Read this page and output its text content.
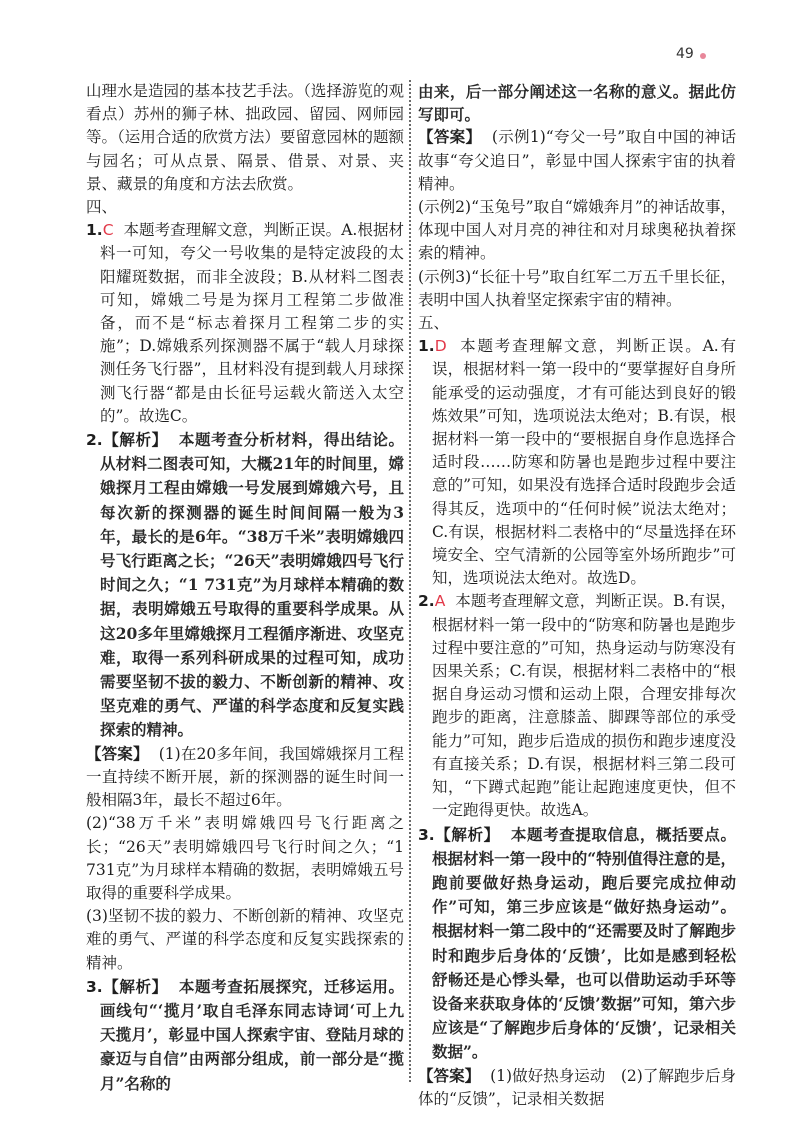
49

山理水是造园的基本技艺手法。（选择游览的观看点）苏州的狮子林、拙政园、留园、网师园等。（运用合适的欣赏方法）要留意园林的题额与园名；可从点景、隔景、借景、对景、夹景、藏景的角度和方法去欣赏。

四、

1.C 本题考查理解文意，判断正误。A.根据材料一可知，夸父一号收集的是特定波段的太阳耀斑数据，而非全波段；B.从材料二图表可知，嫦娥二号是为探月工程第二步做准备，而不是“标志着探月工程第二步的实施”；D.嫦娥系列探测器不属于“载人月球探测任务飞行器”，且材料没有提到载人月球探测飞行器“都是由长征号运载火箭送入太空的”。故选C。

2.【解析】 本题考查分析材料，得出结论。从材料二图表可知，大概21年的时间里，嫦娥探月工程由嫦娥一号发展到嫦娥六号，且每次新的探测器的诞生时间间隔一般为3年，最长的是6年。“38万千米”表明嫦娥四号飞行距离之长；“26天”表明嫦娥四号飞行时间之久；“1 731克”为月球样本精确的数据，表明嫦娥五号取得的重要科学成果。从这20多年里嫦娥探月工程循序渐进、攻坚克难，取得一系列科研成果的过程可知，成功需要坚韧不拔的毅力、不断创新的精神、攻坚克难的勇气、严谨的科学态度和反复实践探索的精神。

【答案】 (1)在20多年间，我国嫦娥探月工程一直持续不断开展，新的探测器的诞生时间一般相隔3年，最长不超过6年。

(2)“38万千米”表明嫦娥四号飞行距离之长；“26天”表明嫦娥四号飞行时间之久；“1 731克”为月球样本精确的数据，表明嫦娥五号取得的重要科学成果。

(3)坚韧不拔的毅力、不断创新的精神、攻坚克难的勇气、严谨的科学态度和反复实践探索的精神。

3.【解析】 本题考查拓展探究，迁移运用。画线句“‘揽月’取自毛泽东同志诗词‘可上九天揽月’，彰显中国人探索宇宙、登陆月球的豪迈与自信”由两部分组成，前一部分是“揽月”名称的

由来，后一部分阐述这一名称的意义。据此仿写即可。

【答案】 (示例1)“夸父一号”取自中国的神话故事“夸父追日”，彰显中国人探索宇宙的执着精神。

(示例2)“玉兔号”取自“嫦娥奔月”的神话故事，体现中国人对月亮的神往和对月球奥秘执着探索的精神。

(示例3)“长征十号”取自红军二万五千里长征，表明中国人执着坚定探索宇宙的精神。

五、

1.D 本题考查理解文意，判断正误。A.有误，根据材料一第一段中的“要掌握好自身所能承受的运动强度，才有可能达到良好的锻炼效果”可知，选项说法太绝对；B.有误，根据材料一第一段中的“要根据自身作息选择合适时段……防寒和防暑也是跑步过程中要注意的”可知，如果没有选择合适时段跑步会适得其反，选项中的“任何时候”说法太绝对；C.有误，根据材料二表格中的“尽量选择在环境安全、空气清新的公园等室外场所跑步”可知，选项说法太绝对。故选D。

2.A 本题考查理解文意，判断正误。B.有误，根据材料一第一段中的“防寒和防暑也是跑步过程中要注意的”可知，热身运动与防寒没有因果关系；C.有误，根据材料二表格中的“根据自身运动习惯和运动上限，合理安排每次跑步的距离，注意膝盖、脚踝等部位的承受能力”可知，跑步后造成的损伤和跑步速度没有直接关系；D.有误，根据材料三第二段可知，“下蹲式起跑”能让起跑速度更快，但不一定跑得更快。故选A。

3.【解析】 本题考查提取信息，概括要点。根据材料一第一段中的“特别值得注意的是，跑前要做好热身运动，跑后要完成拉伸动作”可知，第三步应该是“做好热身运动”。根据材料一第二段中的“还需要及时了解跑步时和跑步后身体的‘反馈’，比如是感到轻松舒畅还是心悸头晕，也可以借助运动手环等设备来获取身体的‘反馈’数据”可知，第六步应该是“了解跑步后身体的‘反馈’，记录相关数据”。

【答案】 (1)做好热身运动　(2)了解跑步后身体的“反馈”，记录相关数据
